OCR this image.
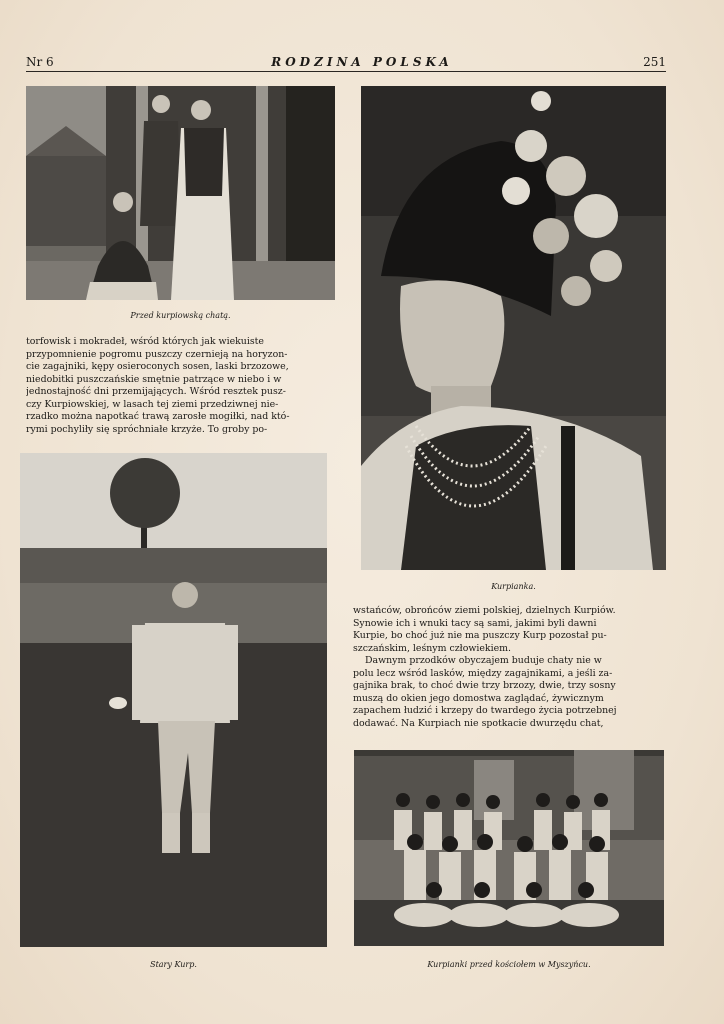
Nr 6	RODZINA POLSKA	251
Przed kurpiowską chatą.
torfowisk i mokradeł, wśród których jak wiekuiste
przypomnienie pogromu puszczy czernieją na horyzon-
cie zagajniki, kępy osieroconych sosen, laski brzozowe,
niedobitki puszczańskie smętnie patrzące w niebo i w
jednostajność dni przemijających. Wśród resztek pusz-
czy Kurpiowskiej, w lasach tej ziemi przedziwnej nie-
rzadko można napotkać trawą zarosłe mogiłki, nad któ-
rymi pochyliły się spróchniałe krzyże. To groby po-
Kurpianka.
Stary Kurp.
wstańców, obrońców ziemi polskiej, dzielnych Kurpiów.
Synowie ich i wnuki tacy są sami, jakimi byli dawni
Kurpie, bo choć już nie ma puszczy Kurp pozostał pu-
szczańskim, leśnym człowiekiem.
Dawnym przodków obyczajem buduje chaty nie w
polu lecz wśród lasków, między zagajnikami, a jeśli za-
gajnika brak, to choć dwie trzy brzozy, dwie, trzy sosny
muszą do okien jego domostwa zaglądać, żywicznym
zapachem łudzić i krzepy do twardego życia potrzebnej
dodawać. Na Kurpiach nie spotkacie dwurzędu chat,
Kurpianki przed kościołem w Myszyńcu.
